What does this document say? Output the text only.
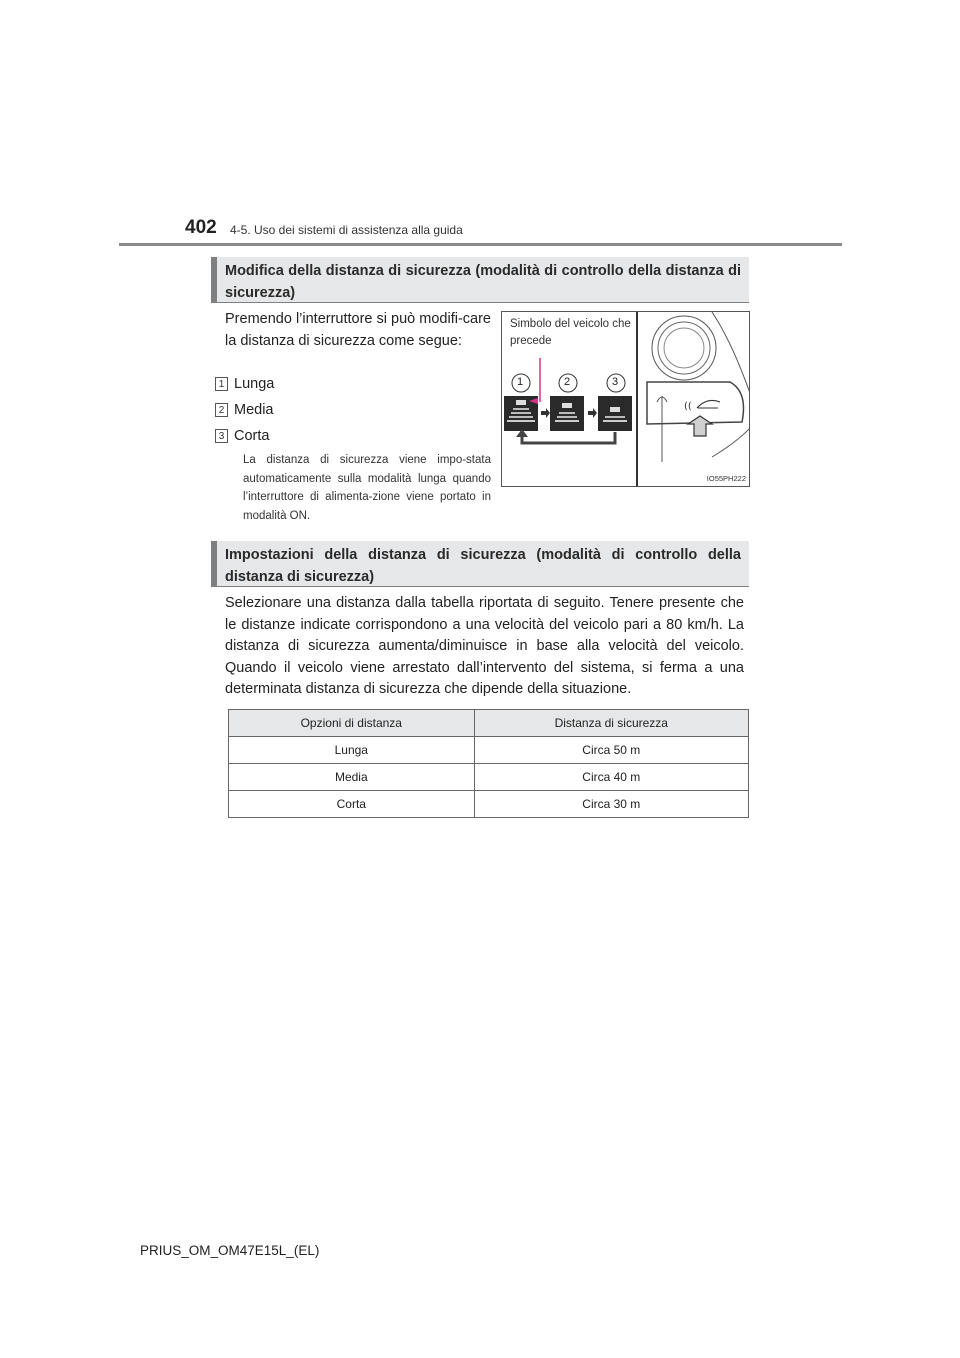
402 4-5. Uso dei sistemi di assistenza alla guida
Modifica della distanza di sicurezza (modalità di controllo della distanza di sicurezza)
Premendo l’interruttore si può modifi-care la distanza di sicurezza come segue:
1 Lunga
2 Media
3 Corta
La distanza di sicurezza viene impo-stata automaticamente sulla modalità lunga quando l’interruttore di alimenta-zione viene portato in modalità ON.
Simbolo del veicolo che precede
((
1	2	3
IO55PH222
Impostazioni della distanza di sicurezza (modalità di controllo della distanza di sicurezza)
Selezionare una distanza dalla tabella riportata di seguito. Tenere presente che le distanze indicate corrispondono a una velocità del veicolo pari a 80 km/h. La distanza di sicurezza aumenta/diminuisce in base alla velocità del veicolo. Quando il veicolo viene arrestato dall’intervento del sistema, si ferma a una determinata distanza di sicurezza che dipende della situazione.
Opzioni di distanza	Distanza di sicurezza
Lunga	Circa 50 m
Media	Circa 40 m
Corta	Circa 30 m
PRIUS_OM_OM47E15L_(EL)
